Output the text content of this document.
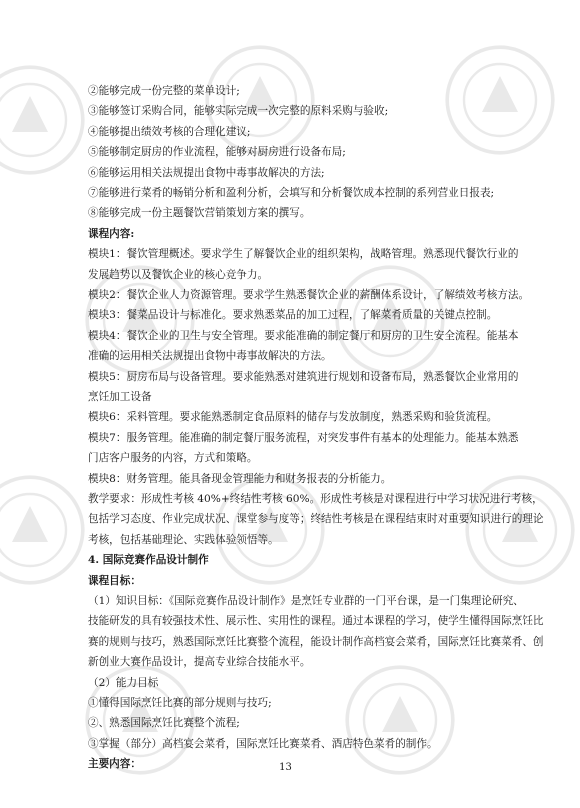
②能够完成一份完整的菜单设计;
③能够签订采购合同，能够实际完成一次完整的原料采购与验收;
④能够提出绩效考核的合理化建议;
⑤能够制定厨房的作业流程，能够对厨房进行设备布局;
⑥能够运用相关法规提出食物中毒事故解决的方法;
⑦能够进行菜肴的畅销分析和盈利分析，会填写和分析餐饮成本控制的系列营业日报表;
⑧能够完成一份主题餐饮营销策划方案的撰写。
课程内容:
模块1：餐饮管理概述。要求学生了解餐饮企业的组织架构，战略管理。熟悉现代餐饮行业的
发展趋势以及餐饮企业的核心竞争力。
模块2：餐饮企业人力资源管理。要求学生熟悉餐饮企业的薪酬体系设计，了解绩效考核方法。
模块3：餐菜品设计与标准化。要求熟悉菜品的加工过程，了解菜肴质量的关键点控制。
模块4：餐饮企业的卫生与安全管理。要求能准确的制定餐厅和厨房的卫生安全流程。能基本
准确的运用相关法规提出食物中毒事故解决的方法。
模块5：厨房布局与设备管理。要求能熟悉对建筑进行规划和设备布局，熟悉餐饮企业常用的
烹饪加工设备
模块6：采料管理。要求能熟悉制定食品原料的储存与发放制度，熟悉采购和验货流程。
模块7：服务管理。能准确的制定餐厅服务流程，对突发事件有基本的处理能力。能基本熟悉
门店客户服务的内容，方式和策略。
模块8：财务管理。能具备现金管理能力和财务报表的分析能力。
教学要求：形成性考核 40%+终结性考核 60%。形成性考核是对课程进行中学习状况进行考核，
包括学习态度、作业完成状况、课堂参与度等；终结性考核是在课程结束时对重要知识进行的理论
考核，包括基础理论、实践体验领悟等。
4. 国际竞赛作品设计制作
课程目标：
（1）知识目标：《国际竞赛作品设计制作》是烹饪专业群的一门平台课，是一门集理论研究、
技能研发的具有较强技术性、展示性、实用性的课程。通过本课程的学习，使学生懂得国际烹饪比
赛的规则与技巧，熟悉国际烹饪比赛整个流程，能设计制作高档宴会菜肴，国际烹饪比赛菜肴、创
新创业大赛作品设计，提高专业综合技能水平。
（2）能力目标
①懂得国际烹饪比赛的部分规则与技巧;
②、熟悉国际烹饪比赛整个流程;
③掌握（部分）高档宴会菜肴，国际烹饪比赛菜肴、酒店特色菜肴的制作。
主要内容：	13
